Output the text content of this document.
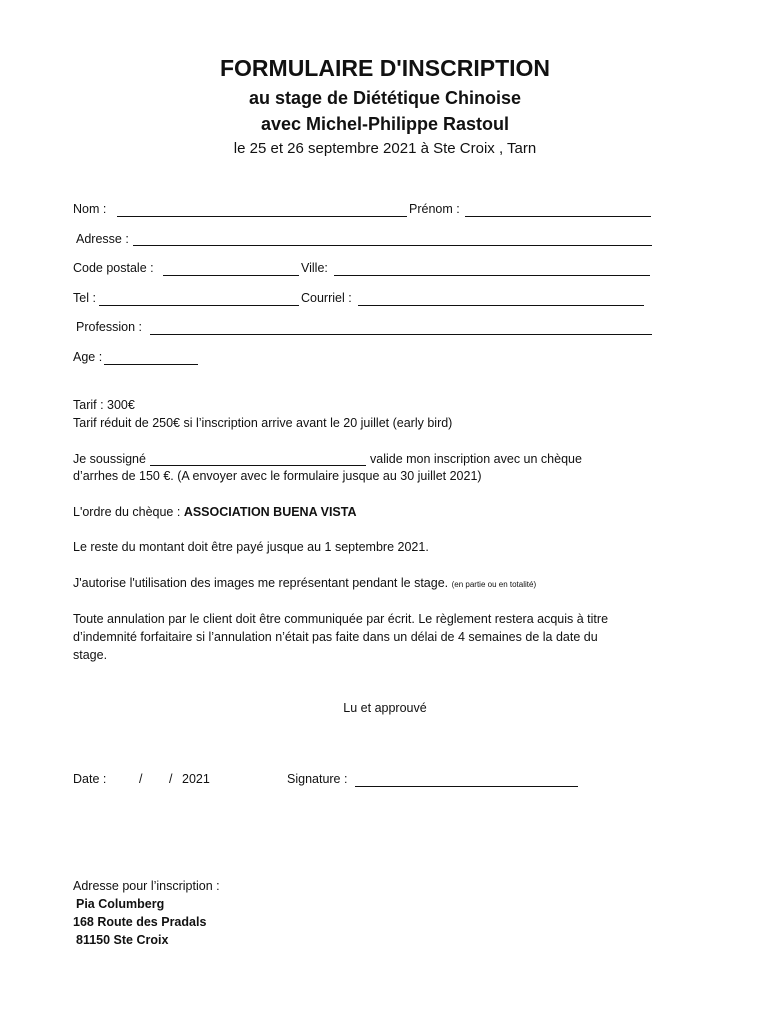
FORMULAIRE D'INSCRIPTION
au stage de Diététique Chinoise
avec Michel-Philippe Rastoul
le 25 et 26 septembre 2021 à Ste Croix , Tarn
Nom :	Prénom :
Adresse :
Code postale :	Ville:
Tel :	Courriel :
Profession :
Age :
Tarif : 300€
Tarif réduit de 250€ si l’inscription arrive avant le 20 juillet (early bird)
Je soussigné	valide mon inscription avec un chèque
d’arrhes de 150 €. (A envoyer avec le formulaire jusque au 30 juillet 2021)
L'ordre du chèque : ASSOCIATION BUENA VISTA
Le reste du montant doit être payé jusque au 1 septembre 2021.
J'autorise l'utilisation des images me représentant pendant le stage. (en partie ou en totalité)
Toute annulation par le client doit être communiquée par écrit. Le règlement restera acquis à titre
d’indemnité forfaitaire si l’annulation n’était pas faite dans un délai de 4 semaines de la date du
stage.
Lu et approuvé
Date :	/ / 2021	Signature :
Adresse pour l’inscription :
Pia Columberg
168 Route des Pradals
81150 Ste Croix
